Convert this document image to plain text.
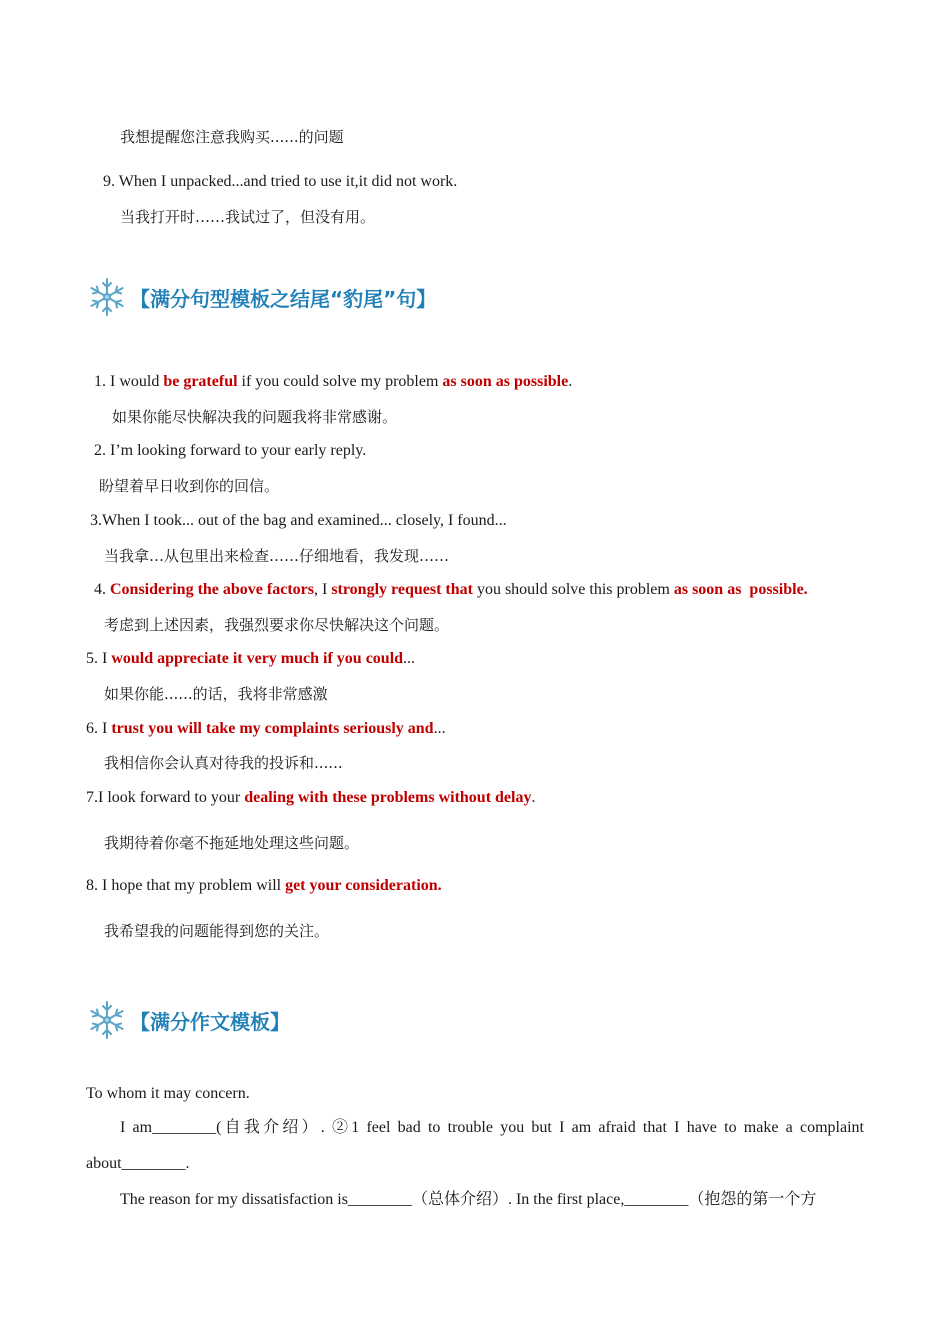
我想提醒您注意我购买......的问题
9. When I unpacked...and tried to use it,it did not work.
当我打开时……我试过了，但没有用。
【满分句型模板之结尾“豹尾”句】
1. I would be grateful if you could solve my problem as soon as possible.
如果你能尽快解决我的问题我将非常感谢。
2. I’m looking forward to your early reply.
盼望着早日收到你的回信。
3.When I took... out of the bag and examined... closely, I found...
当我拿…从包里出来检查……仔细地看，我发现……
4. Considering the above factors, I strongly request that you should solve this problem as soon as  possible.
考虑到上述因素，我强烈要求你尽快解决这个问题。
5. I would appreciate it very much if you could...
如果你能......的话，我将非常感激
6. I trust you will take my complaints seriously and...
我相信你会认真对待我的投诉和......
7.I look forward to your dealing with these problems without delay.
我期待着你毫不拖延地处理这些问题。
8. I hope that my problem will get your consideration.
我希望我的问题能得到您的关注。
【满分作文模板】
To whom it may concern.
I am________(自我介绍）. ②1 feel bad to trouble you but I am afraid that I have to make a complaint about________.
The reason for my dissatisfaction is________（总体介绍）. In the first place,________（抱怨的第一个方
